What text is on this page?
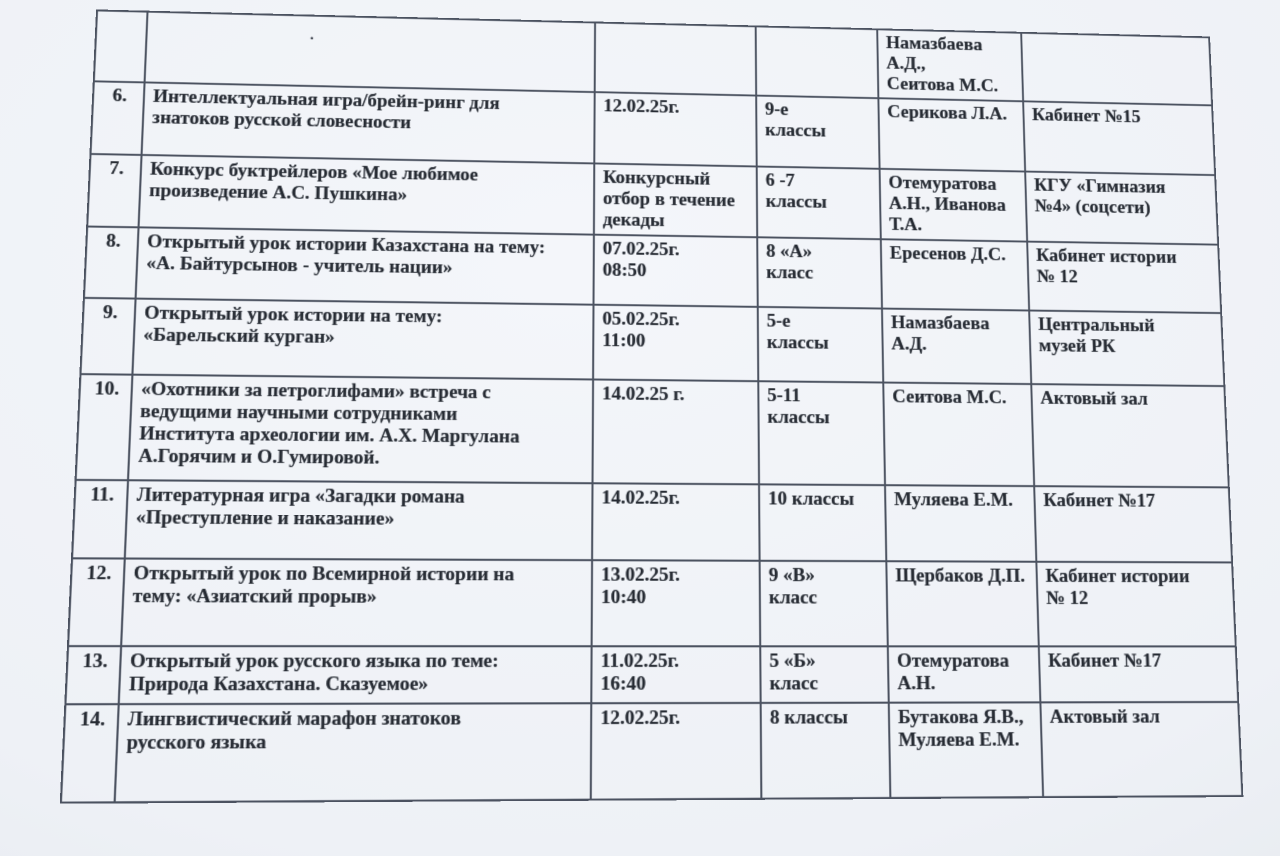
	.			Намазбаева
А.Д.,
Сеитова М.С.	
6.	Интеллектуальная игра/брейн-ринг для
знатоков русской словесности	12.02.25г.	9-е
классы	Серикова Л.А.	Кабинет №15
7.	Конкурс буктрейлеров «Мое любимое
произведение А.С. Пушкина»	Конкурсный
отбор в течение
декады	6 -7
классы	Отемуратова
А.Н., Иванова
Т.А.	КГУ «Гимназия
№4» (соцсети)
8.	Открытый урок истории Казахстана на тему:
«А. Байтурсынов - учитель нации»	07.02.25г.
08:50	8 «А»
класс	Ересенов Д.С.	Кабинет истории
№ 12
9.	Открытый урок истории на тему:
«Барельский курган»	05.02.25г.
11:00	5-е
классы	Намазбаева
А.Д.	Центральный
музей РК
10.	«Охотники за петроглифами» встреча с
ведущими научными сотрудниками
Института археологии им. А.Х. Маргулана
А.Горячим и О.Гумировой.	14.02.25 г.	5-11
классы	Сеитова М.С.	Актовый зал
11.	Литературная игра «Загадки романа
«Преступление и наказание»	14.02.25г.	10 классы	Муляева Е.М.	Кабинет №17
12.	Открытый урок по Всемирной истории на
тему: «Азиатский прорыв»	13.02.25г.
10:40	9 «В»
класс	Щербаков Д.П.	Кабинет истории
№ 12
13.	Открытый урок русского языка по теме:
Природа Казахстана. Сказуемое»	11.02.25г.
16:40	5 «Б»
класс	Отемуратова
А.Н.	Кабинет №17
14.	Лингвистический марафон знатоков
русского языка	12.02.25г.	8 классы	Бутакова Я.В.,
Муляева Е.М.	Актовый зал
